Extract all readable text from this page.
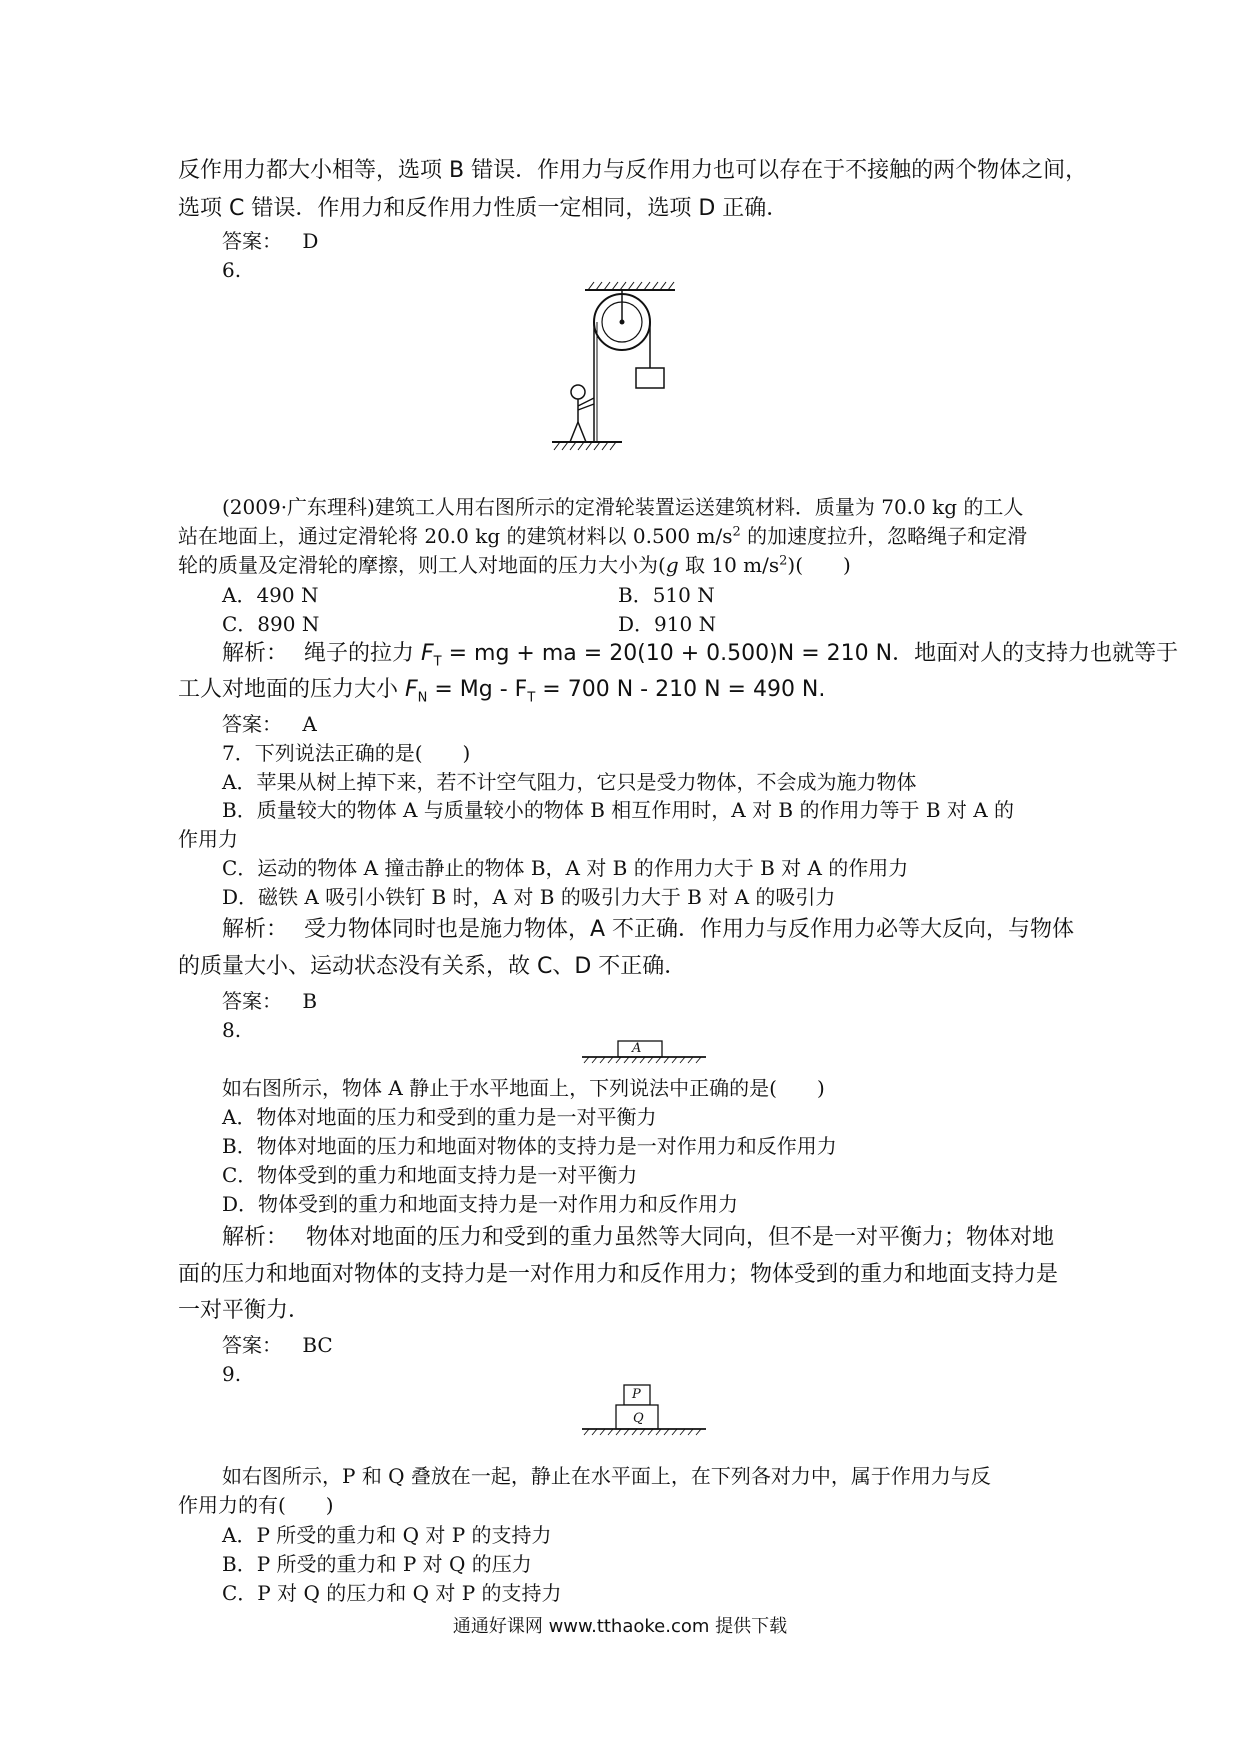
反作用力都大小相等，选项 B 错误．作用力与反作用力也可以存在于不接触的两个物体之间，
选项 C 错误．作用力和反作用力性质一定相同，选项 D 正确．
答案： D
6.
(2009·广东理科)建筑工人用右图所示的定滑轮装置运送建筑材料．质量为 70.0 kg 的工人
站在地面上，通过定滑轮将 20.0 kg 的建筑材料以 0.500 $m/s^2$ 的加速度拉升，忽略绳子和定滑
轮的质量及定滑轮的摩擦，则工人对地面的压力大小为(g 取 10 $m/s^2$)(　　)
A．490 N	B．510 N
C．890 N	D．910 N
解析： 绳子的拉力 $F_T$ = mg + ma = 20(10 + 0.500)N = 210 N．地面对人的支持力也就等于
工人对地面的压力大小 $F_N = Mg - F_T = 700$ N - 210 N = 490 N.
答案： A
7．下列说法正确的是(　　)
A．苹果从树上掉下来，若不计空气阻力，它只是受力物体，不会成为施力物体
B．质量较大的物体 A 与质量较小的物体 B 相互作用时，A 对 B 的作用力等于 B 对 A 的
作用力
C．运动的物体 A 撞击静止的物体 B，A 对 B 的作用力大于 B 对 A 的作用力
D．磁铁 A 吸引小铁钉 B 时，A 对 B 的吸引力大于 B 对 A 的吸引力
解析： 受力物体同时也是施力物体，A 不正确．作用力与反作用力必等大反向，与物体
的质量大小、运动状态没有关系，故 C、D 不正确．
答案： B
8.
A
如右图所示，物体 A 静止于水平地面上，下列说法中正确的是(　　)
A．物体对地面的压力和受到的重力是一对平衡力
B．物体对地面的压力和地面对物体的支持力是一对作用力和反作用力
C．物体受到的重力和地面支持力是一对平衡力
D．物体受到的重力和地面支持力是一对作用力和反作用力
解析： 物体对地面的压力和受到的重力虽然等大同向，但不是一对平衡力；物体对地
面的压力和地面对物体的支持力是一对作用力和反作用力；物体受到的重力和地面支持力是
一对平衡力．
答案： BC
9.
P
Q
如右图所示，P 和 Q 叠放在一起，静止在水平面上，在下列各对力中，属于作用力与反
作用力的有(　　)
A．P 所受的重力和 Q 对 P 的支持力
B．P 所受的重力和 P 对 Q 的压力
C．P 对 Q 的压力和 Q 对 P 的支持力
通通好课网 www.tthaoke.com 提供下载
